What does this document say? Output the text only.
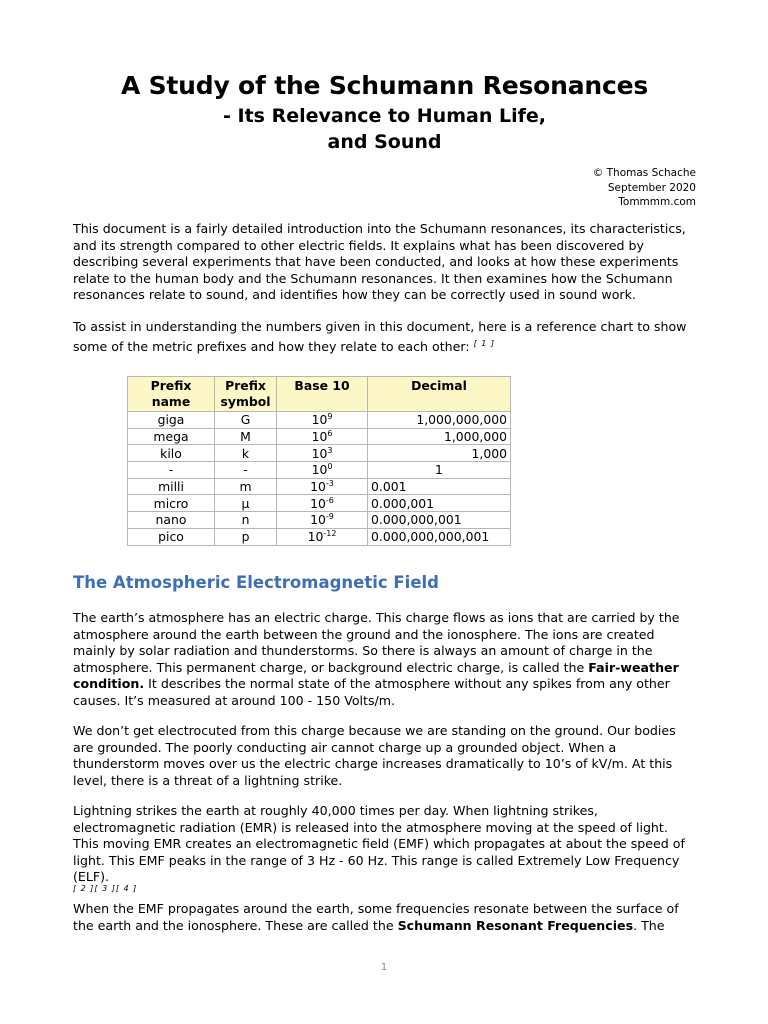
A Study of the Schumann Resonances
- Its Relevance to Human Life,
and Sound
© Thomas Schache
September 2020
Tommmm.com

This document is a fairly detailed introduction into the Schumann resonances, its characteristics, and its strength compared to other electric fields. It explains what has been discovered by describing several experiments that have been conducted, and looks at how these experiments relate to the human body and the Schumann resonances. It then examines how the Schumann resonances relate to sound, and identifies how they can be correctly used in sound work.

To assist in understanding the numbers given in this document, here is a reference chart to show some of the metric prefixes and how they relate to each other: [ 1 ]

Prefix name	Prefix symbol	Base 10	Decimal
giga	G	$10^9$	1,000,000,000
mega	M	$10^6$	1,000,000
kilo	k	$10^3$	1,000
-	-	$10^0$	1
milli	m	$10^{-3}$	0.001
micro	µ	$10^{-6}$	0.000,001
nano	n	$10^{-9}$	0.000,000,001
pico	p	$10^{-12}$	0.000,000,000,001
The Atmospheric Electromagnetic Field

The earth’s atmosphere has an electric charge. This charge flows as ions that are carried by the atmosphere around the earth between the ground and the ionosphere. The ions are created mainly by solar radiation and thunderstorms. So there is always an amount of charge in the atmosphere. This permanent charge, or background electric charge, is called the Fair-weather condition. It describes the normal state of the atmosphere without any spikes from any other causes. It’s measured at around 100 - 150 Volts/m.

We don’t get electrocuted from this charge because we are standing on the ground. Our bodies are grounded. The poorly conducting air cannot charge up a grounded object. When a thunderstorm moves over us the electric charge increases dramatically to 10’s of kV/m. At this level, there is a threat of a lightning strike.

Lightning strikes the earth at roughly 40,000 times per day. When lightning strikes, electromagnetic radiation (EMR) is released into the atmosphere moving at the speed of light. This moving EMR creates an electromagnetic field (EMF) which propagates at about the speed of light. This EMF peaks in the range of 3 Hz - 60 Hz. This range is called Extremely Low Frequency (ELF).
[ 2 ][ 3 ][ 4 ]

When the EMF propagates around the earth, some frequencies resonate between the surface of the earth and the ionosphere. These are called the Schumann Resonant Frequencies. The

1
